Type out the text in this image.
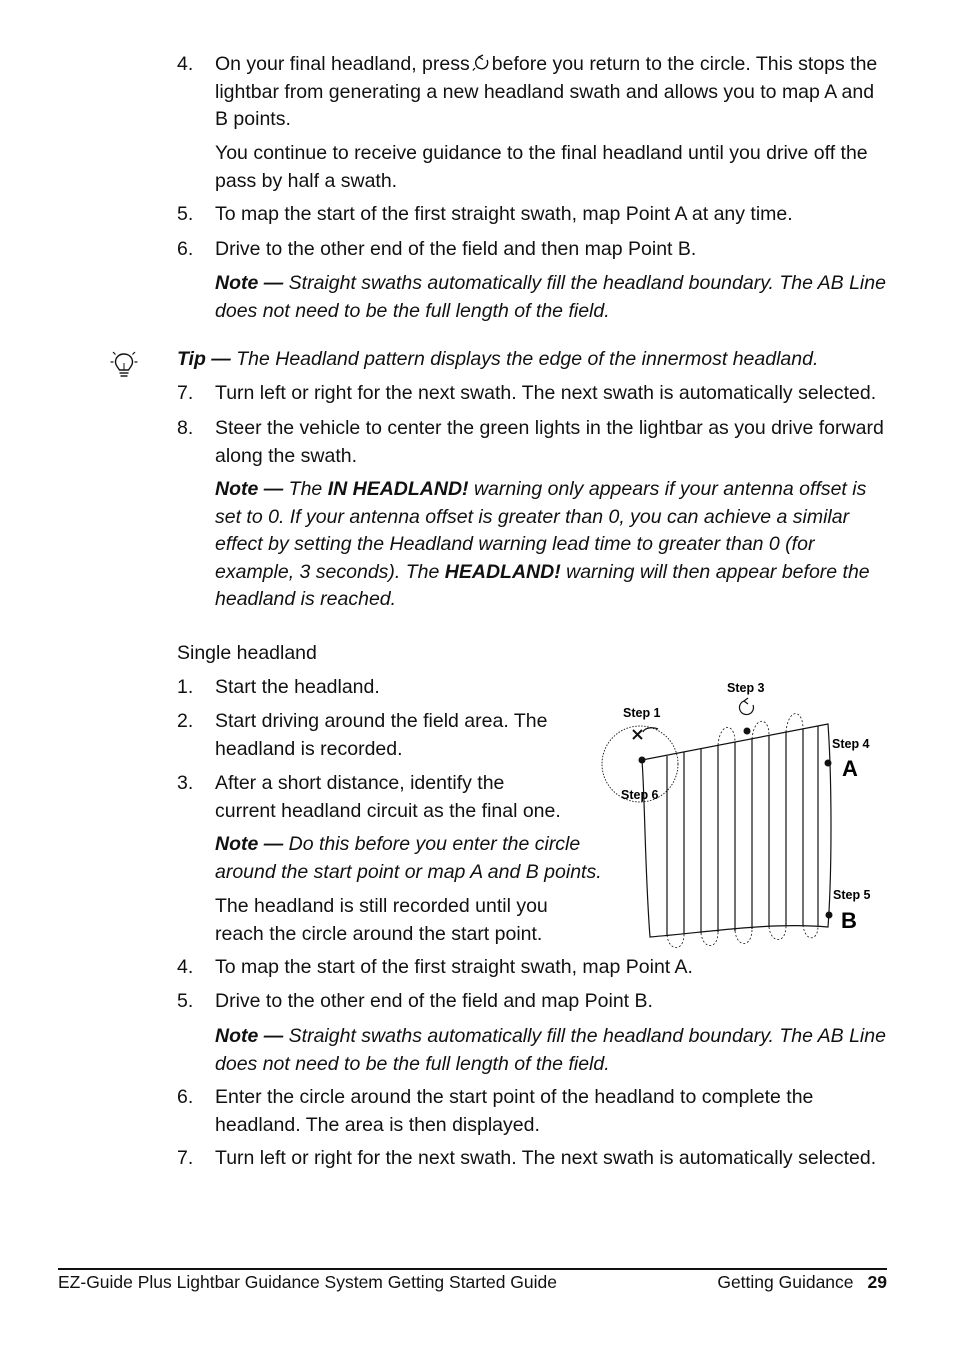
4.	On your final headland, press before you return to the circle. This stops the lightbar from generating a new headland swath and allows you to map A and B points.
You continue to receive guidance to the final headland until you drive off the pass by half a swath.
5.	To map the start of the first straight swath, map Point A at any time.
6.	Drive to the other end of the field and then map Point B.
Note — Straight swaths automatically fill the headland boundary. The AB Line does not need to be the full length of the field.
Tip — The Headland pattern displays the edge of the innermost headland.
7.	Turn left or right for the next swath. The next swath is automatically selected.
8.	Steer the vehicle to center the green lights in the lightbar as you drive forward along the swath.
Note — The IN HEADLAND! warning only appears if your antenna offset is set to 0. If your antenna offset is greater than 0, you can achieve a similar effect by setting the Headland warning lead time to greater than 0 (for example, 3 seconds). The HEADLAND! warning will then appear before the headland is reached.
Single headland
1.	Start the headland.
2.	Start driving around the field area. The headland is recorded.
3.	After a short distance, identify the current headland circuit as the final one.
Note — Do this before you enter the circle around the start point or map A and B points.
The headland is still recorded until you reach the circle around the start point.
4.	To map the start of the first straight swath, map Point A.
5.	Drive to the other end of the field and map Point B.
Note — Straight swaths automatically fill the headland boundary. The AB Line does not need to be the full length of the field.
6.	Enter the circle around the start point of the headland to complete the headland. The area is then displayed.
7.	Turn left or right for the next swath. The next swath is automatically selected.
Step 3
Step 1
Step 4
A
Step 6
Step 5
B
EZ-Guide Plus Lightbar Guidance System Getting Started Guide	Getting Guidance 29
